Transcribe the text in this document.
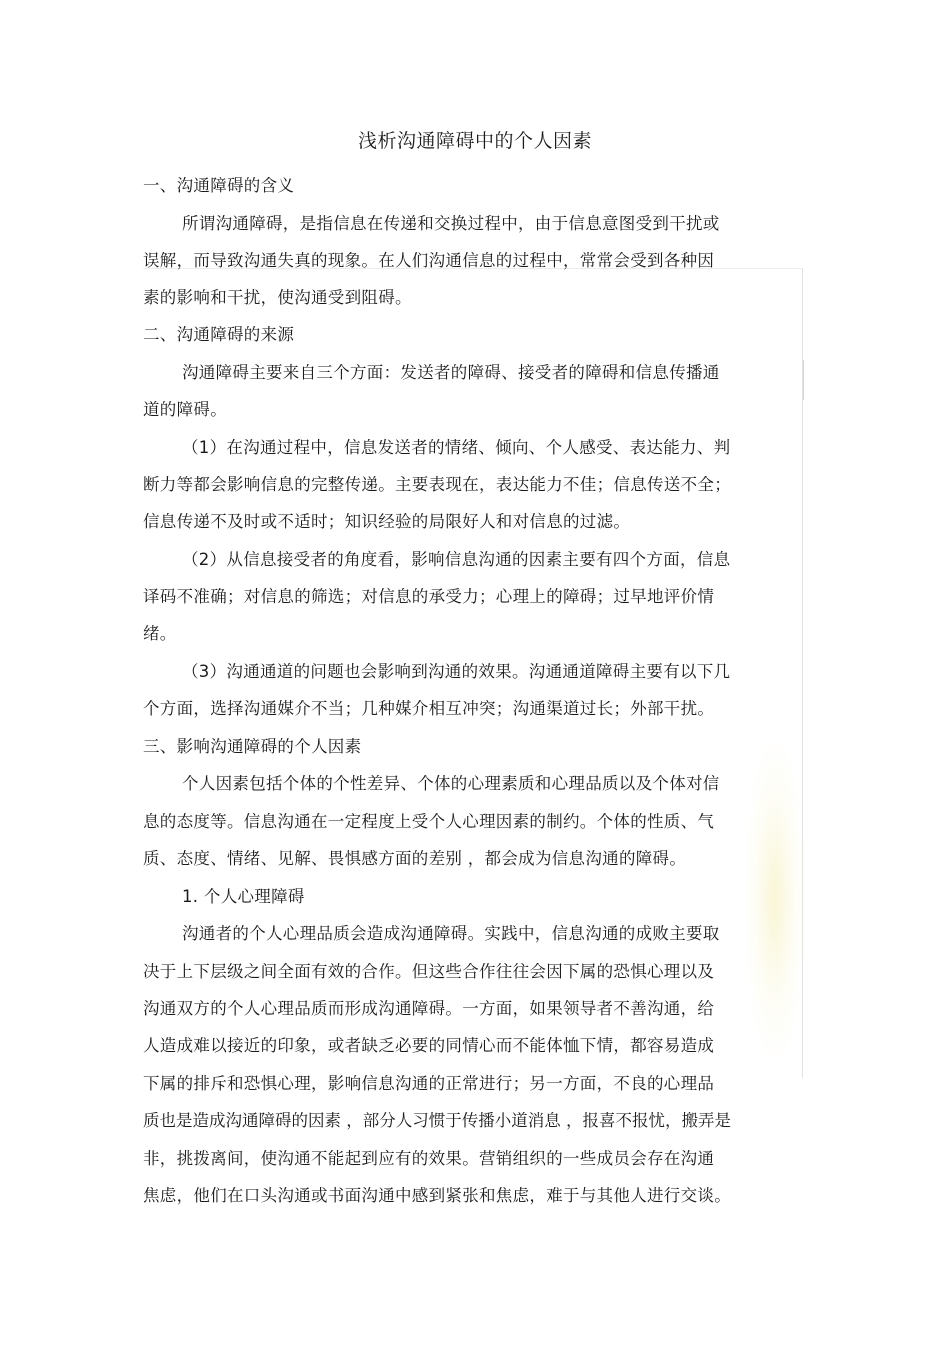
浅析沟通障碍中的个人因素
一、沟通障碍的含义
所谓沟通障碍，是指信息在传递和交换过程中，由于信息意图受到干扰或
误解，而导致沟通失真的现象。在人们沟通信息的过程中，常常会受到各种因
素的影响和干扰，使沟通受到阻碍。
二、沟通障碍的来源
沟通障碍主要来自三个方面：发送者的障碍、接受者的障碍和信息传播通
道的障碍。
（1）在沟通过程中，信息发送者的情绪、倾向、个人感受、表达能力、判
断力等都会影响信息的完整传递。主要表现在，表达能力不佳；信息传送不全；
信息传递不及时或不适时；知识经验的局限好人和对信息的过滤。
（2）从信息接受者的角度看，影响信息沟通的因素主要有四个方面，信息
译码不准确；对信息的筛选；对信息的承受力；心理上的障碍；过早地评价情
绪。
（3）沟通通道的问题也会影响到沟通的效果。沟通通道障碍主要有以下几
个方面，选择沟通媒介不当；几种媒介相互冲突；沟通渠道过长；外部干扰。
三、影响沟通障碍的个人因素
个人因素包括个体的个性差异、个体的心理素质和心理品质以及个体对信
息的态度等。信息沟通在一定程度上受个人心理因素的制约。个体的性质、气
质、态度、情绪、见解、畏惧感方面的差别 ，都会成为信息沟通的障碍。
1. 个人心理障碍
沟通者的个人心理品质会造成沟通障碍。实践中，信息沟通的成败主要取
决于上下层级之间全面有效的合作。但这些合作往往会因下属的恐惧心理以及
沟通双方的个人心理品质而形成沟通障碍。一方面，如果领导者不善沟通，给
人造成难以接近的印象，或者缺乏必要的同情心而不能体恤下情，都容易造成
下属的排斥和恐惧心理，影响信息沟通的正常进行；另一方面，不良的心理品
质也是造成沟通障碍的因素 ，部分人习惯于传播小道消息 ，报喜不报忧，搬弄是
非，挑拨离间，使沟通不能起到应有的效果。营销组织的一些成员会存在沟通
焦虑，他们在口头沟通或书面沟通中感到紧张和焦虑，难于与其他人进行交谈。
